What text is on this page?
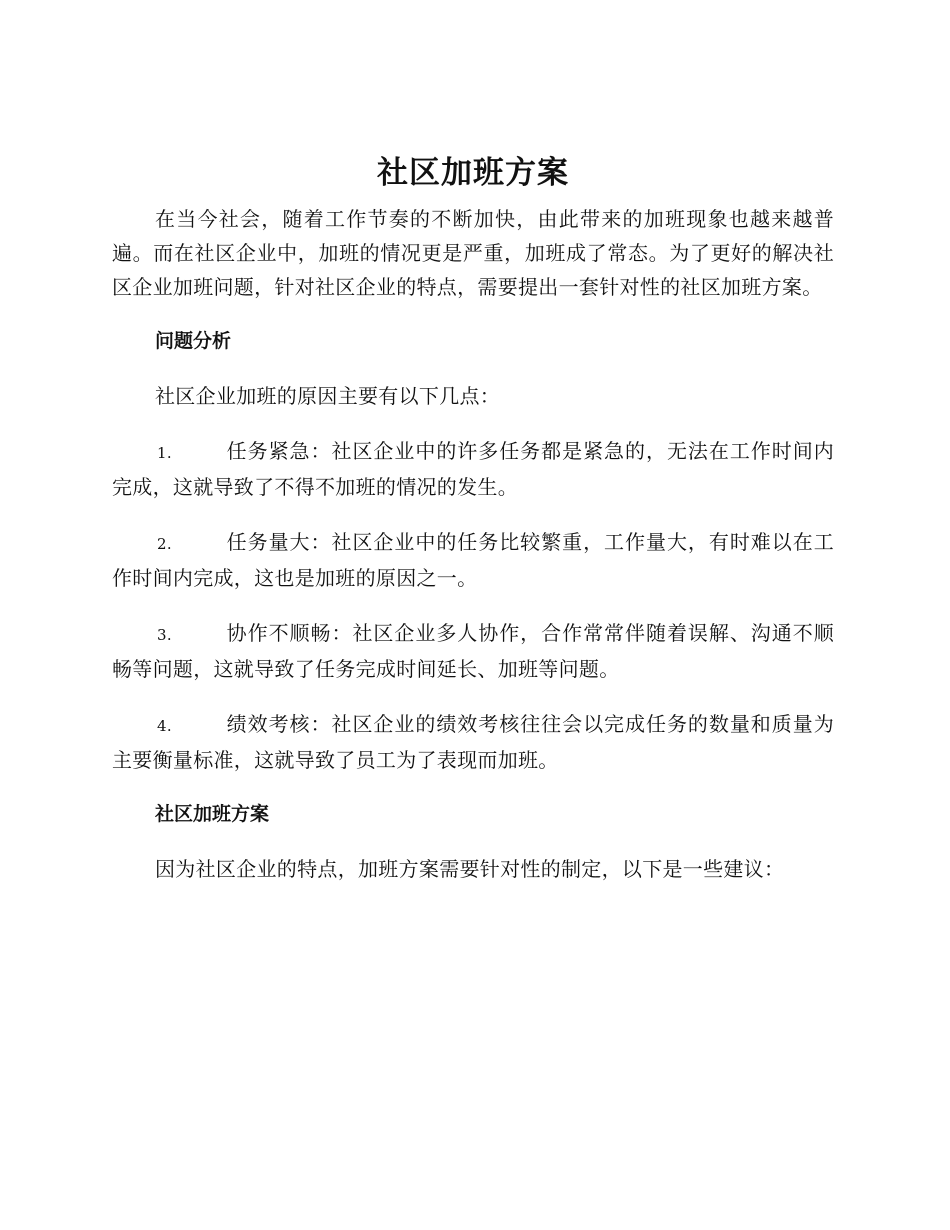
社区加班方案

在当今社会，随着工作节奏的不断加快，由此带来的加班现象也越来越普遍。而在社区企业中，加班的情况更是严重，加班成了常态。为了更好的解决社区企业加班问题，针对社区企业的特点，需要提出一套针对性的社区加班方案。

问题分析

社区企业加班的原因主要有以下几点：

1.	任务紧急：社区企业中的许多任务都是紧急的，无法在工作时间内完成，这就导致了不得不加班的情况的发生。

2.	任务量大：社区企业中的任务比较繁重，工作量大，有时难以在工作时间内完成，这也是加班的原因之一。

3.	协作不顺畅：社区企业多人协作，合作常常伴随着误解、沟通不顺畅等问题，这就导致了任务完成时间延长、加班等问题。

4.	绩效考核：社区企业的绩效考核往往会以完成任务的数量和质量为主要衡量标准，这就导致了员工为了表现而加班。

社区加班方案

因为社区企业的特点，加班方案需要针对性的制定，以下是一些建议：
